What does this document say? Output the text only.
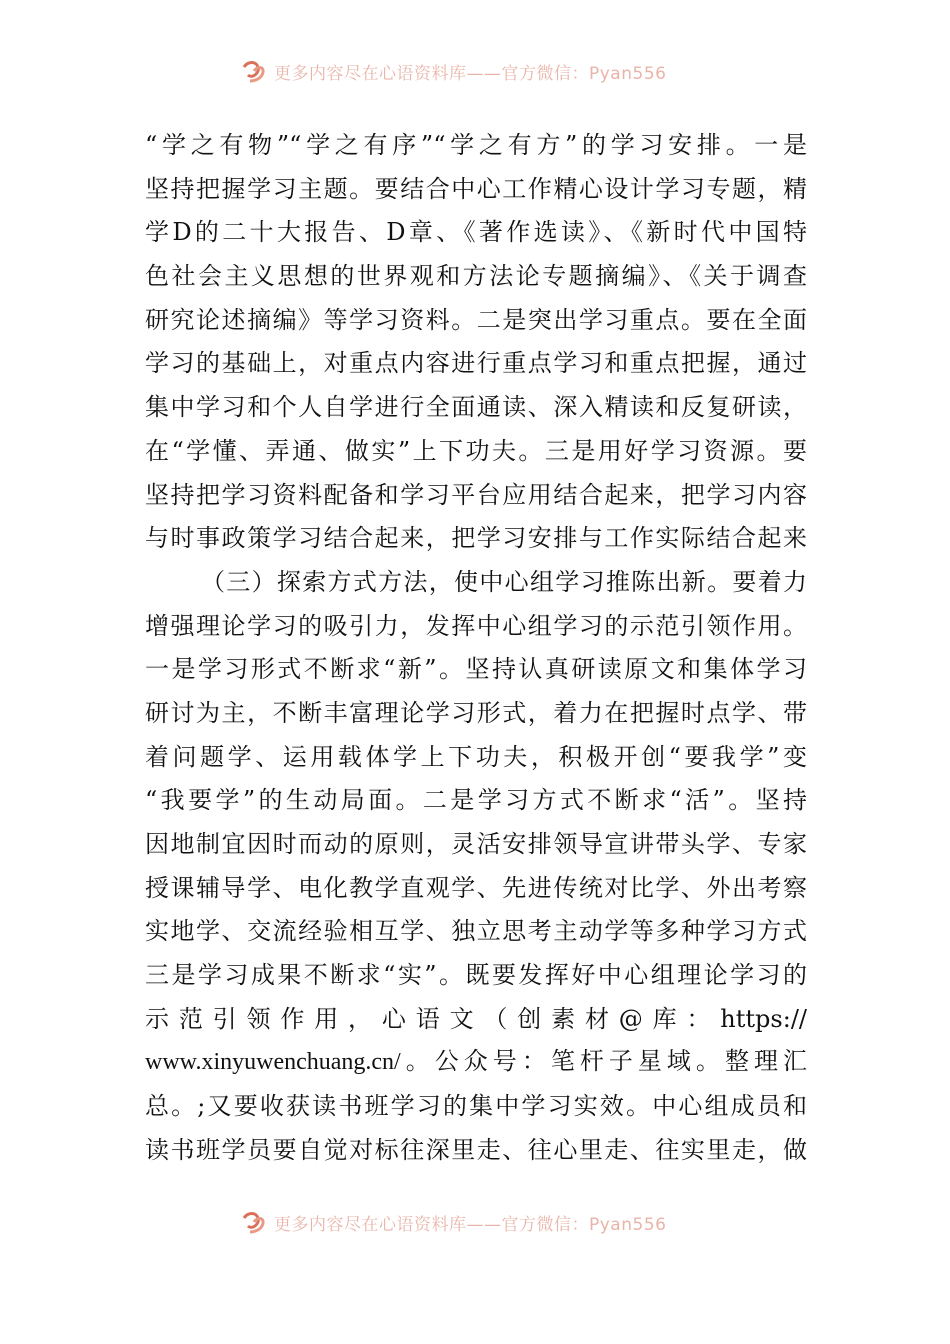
更多内容尽在心语资料库——官方微信：Pyan556
“学之有物”“学之有序”“学之有方”的学习安排。一是
坚持把握学习主题。要结合中心工作精心设计学习专题，精
学D的二十大报告、D章、《著作选读》、《新时代中国特
色社会主义思想的世界观和方法论专题摘编》、《关于调查
研究论述摘编》等学习资料。二是突出学习重点。要在全面
学习的基础上，对重点内容进行重点学习和重点把握，通过
集中学习和个人自学进行全面通读、深入精读和反复研读，
在“学懂、弄通、做实”上下功夫。三是用好学习资源。要
坚持把学习资料配备和学习平台应用结合起来，把学习内容
与时事政策学习结合起来，把学习安排与工作实际结合起来
（三）探索方式方法，使中心组学习推陈出新。要着力
增强理论学习的吸引力，发挥中心组学习的示范引领作用。
一是学习形式不断求“新”。坚持认真研读原文和集体学习
研讨为主，不断丰富理论学习形式，着力在把握时点学、带
着问题学、运用载体学上下功夫，积极开创“要我学”变
“我要学”的生动局面。二是学习方式不断求“活”。坚持
因地制宜因时而动的原则，灵活安排领导宣讲带头学、专家
授课辅导学、电化教学直观学、先进传统对比学、外出考察
实地学、交流经验相互学、独立思考主动学等多种学习方式
三是学习成果不断求“实”。既要发挥好中心组理论学习的
示范引领作用，心语文（创素材@库：https://
www.xinyuwenchuang.cn/。公众号：笔杆子星域。整理汇
总。;又要收获读书班学习的集中学习实效。中心组成员和
读书班学员要自觉对标往深里走、往心里走、往实里走，做
更多内容尽在心语资料库——官方微信：Pyan556
